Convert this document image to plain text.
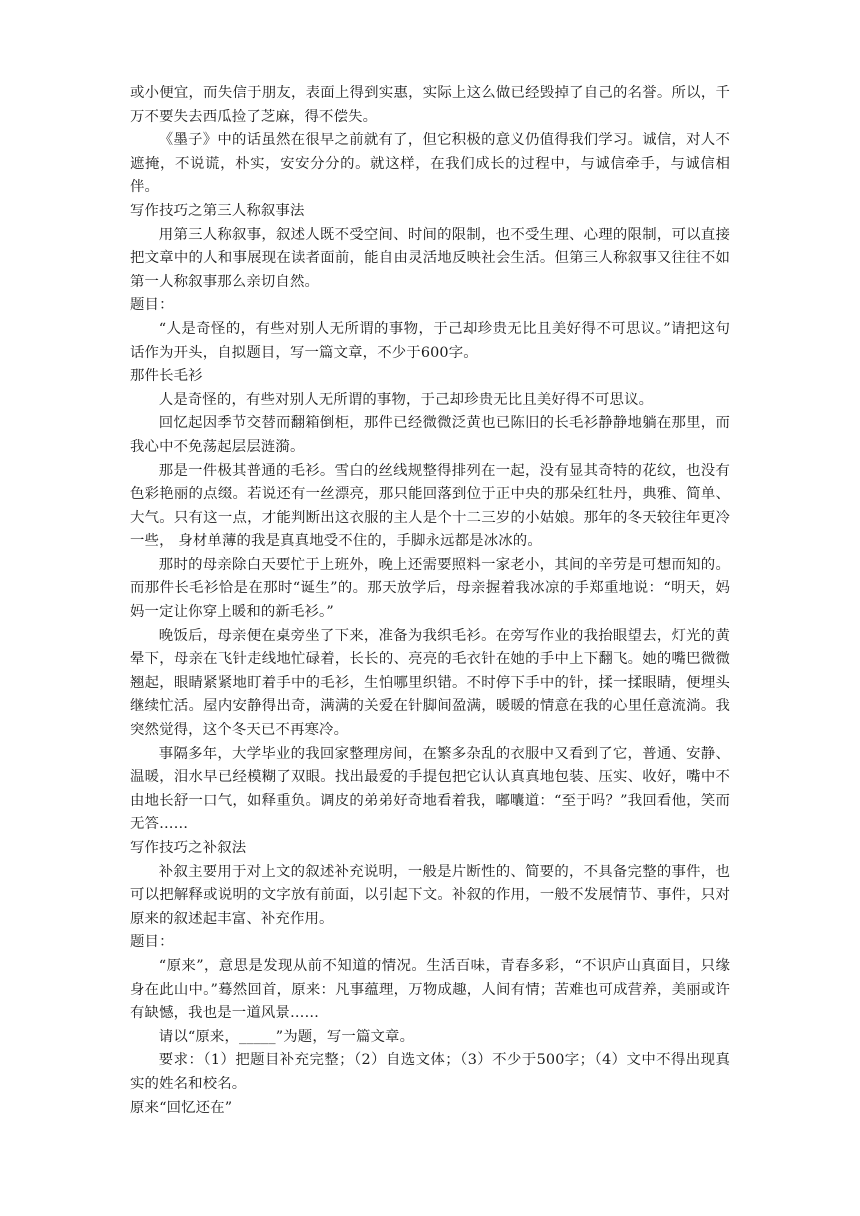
或小便宜，而失信于朋友，表面上得到实惠，实际上这么做已经毁掉了自己的名誉。所以，千万不要失去西瓜捡了芝麻，得不偿失。

《墨子》中的话虽然在很早之前就有了，但它积极的意义仍值得我们学习。诚信，对人不遮掩，不说谎，朴实，安安分分的。就这样，在我们成长的过程中，与诚信牵手，与诚信相伴。

写作技巧之第三人称叙事法

用第三人称叙事，叙述人既不受空间、时间的限制，也不受生理、心理的限制，可以直接把文章中的人和事展现在读者面前，能自由灵活地反映社会生活。但第三人称叙事又往往不如第一人称叙事那么亲切自然。

题目：

“人是奇怪的，有些对别人无所谓的事物，于己却珍贵无比且美好得不可思议。”请把这句话作为开头，自拟题目，写一篇文章，不少于600字。

那件长毛衫

人是奇怪的，有些对别人无所谓的事物，于己却珍贵无比且美好得不可思议。

回忆起因季节交替而翻箱倒柜，那件已经微微泛黄也已陈旧的长毛衫静静地躺在那里，而我心中不免荡起层层涟漪。

那是一件极其普通的毛衫。雪白的丝线规整得排列在一起，没有显其奇特的花纹，也没有色彩艳丽的点缀。若说还有一丝漂亮，那只能回落到位于正中央的那朵红牡丹，典雅、简单、大气。只有这一点，才能判断出这衣服的主人是个十二三岁的小姑娘。那年的冬天较往年更冷一些， 身材单薄的我是真真地受不住的，手脚永远都是冰冰的。

那时的母亲除白天要忙于上班外，晚上还需要照料一家老小，其间的辛劳是可想而知的。而那件长毛衫恰是在那时“诞生”的。那天放学后，母亲握着我冰凉的手郑重地说：“明天，妈妈一定让你穿上暖和的新毛衫。”

晚饭后，母亲便在桌旁坐了下来，准备为我织毛衫。在旁写作业的我抬眼望去，灯光的黄晕下，母亲在飞针走线地忙碌着，长长的、亮亮的毛衣针在她的手中上下翻飞。她的嘴巴微微翘起，眼睛紧紧地盯着手中的毛衫，生怕哪里织错。不时停下手中的针，揉一揉眼睛，便埋头继续忙活。屋内安静得出奇，满满的关爱在针脚间盈满，暖暖的情意在我的心里任意流淌。我突然觉得，这个冬天已不再寒冷。

事隔多年，大学毕业的我回家整理房间，在繁多杂乱的衣服中又看到了它，普通、安静、温暖，泪水早已经模糊了双眼。找出最爱的手提包把它认认真真地包装、压实、收好，嘴中不由地长舒一口气，如释重负。调皮的弟弟好奇地看着我，嘟囔道：“至于吗？”我回看他，笑而无答……

写作技巧之补叙法

补叙主要用于对上文的叙述补充说明，一般是片断性的、简要的，不具备完整的事件，也可以把解释或说明的文字放有前面，以引起下文。补叙的作用，一般不发展情节、事件，只对原来的叙述起丰富、补充作用。

题目：

“原来”，意思是发现从前不知道的情况。生活百味，青春多彩，“不识庐山真面目，只缘身在此山中。”蓦然回首，原来：凡事蕴理，万物成趣，人间有情；苦难也可成营养，美丽或许有缺憾，我也是一道风景……

请以“原来，_____”为题，写一篇文章。

要求：（1）把题目补充完整；（2）自选文体；（3）不少于500字；（4）文中不得出现真实的姓名和校名。

原来“回忆还在”
